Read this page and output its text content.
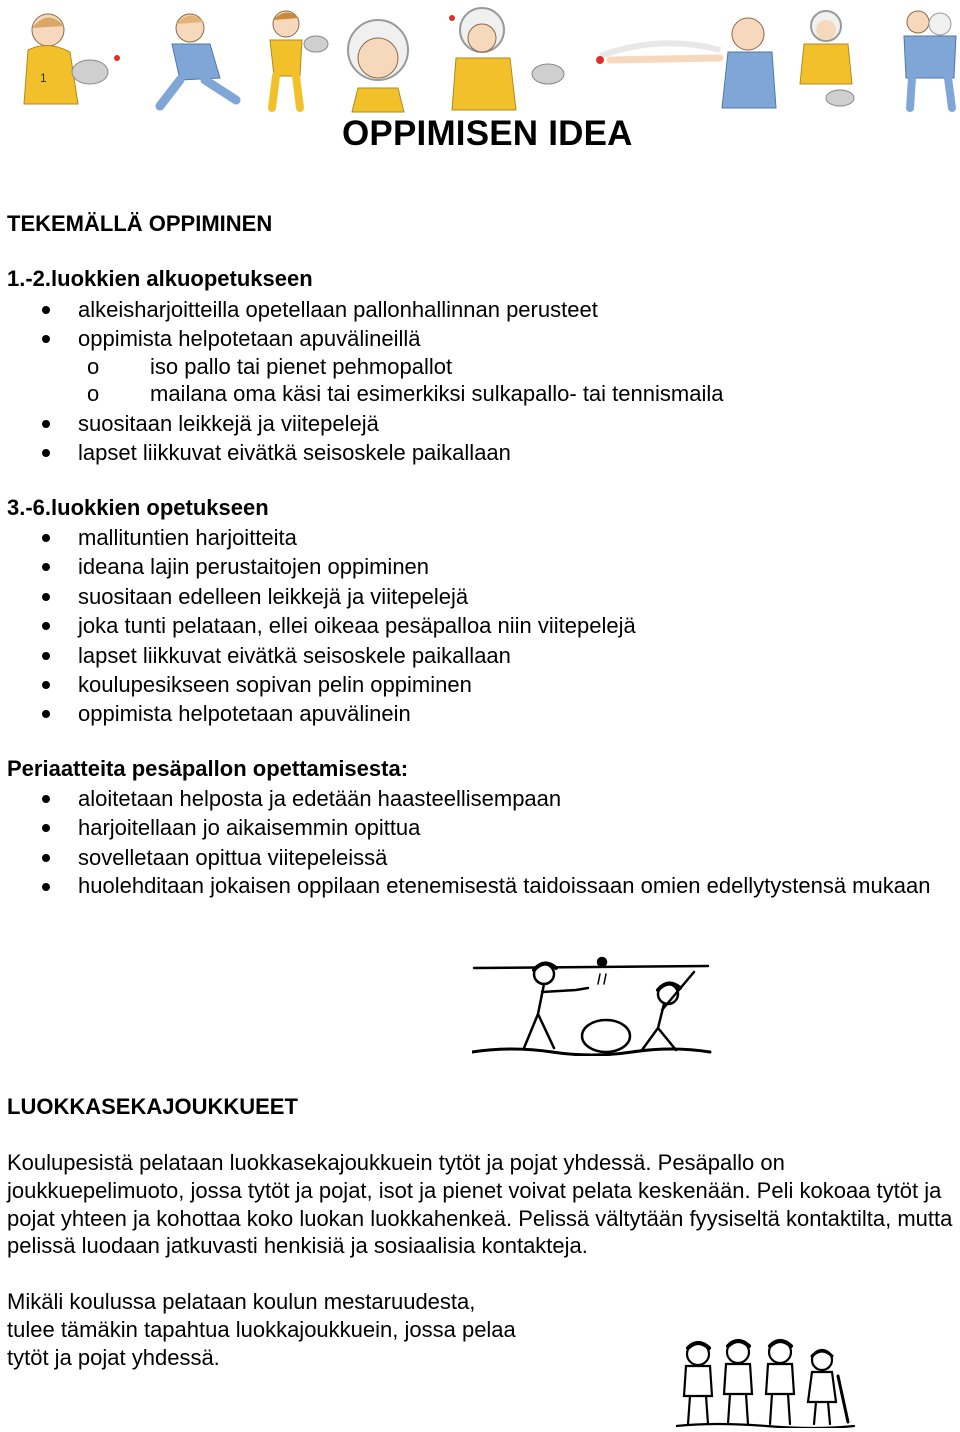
1
OPPIMISEN IDEA
TEKEMÄLLÄ OPPIMINEN
1.-2.luokkien alkuopetukseen
alkeisharjoitteilla opetellaan pallonhallinnan perusteet
oppimista helpotetaan apuvälineillä
o iso pallo tai pienet pehmopallot
o mailana oma käsi tai esimerkiksi sulkapallo- tai tennismaila
suositaan leikkejä ja viitepelejä
lapset liikkuvat eivätkä seisoskele paikallaan
3.-6.luokkien opetukseen
mallituntien harjoitteita
ideana lajin perustaitojen oppiminen
suositaan edelleen leikkejä ja viitepelejä
joka tunti pelataan, ellei oikeaa pesäpalloa niin viitepelejä
lapset liikkuvat eivätkä seisoskele paikallaan
koulupesikseen sopivan pelin oppiminen
oppimista helpotetaan apuvälinein
Periaatteita pesäpallon opettamisesta:
aloitetaan helposta ja edetään haasteellisempaan
harjoitellaan jo aikaisemmin opittua
sovelletaan opittua viitepeleissä
huolehditaan jokaisen oppilaan etenemisestä taidoissaan omien edellytystensä mukaan
LUOKKASEKAJOUKKUEET

Koulupesistä pelataan luokkasekajoukkuein tytöt ja pojat yhdessä. Pesäpallo on joukkuepelimuoto, jossa tytöt ja pojat, isot ja pienet voivat pelata keskenään. Peli kokoaa tytöt ja pojat yhteen ja kohottaa koko luokan luokkahenkeä. Pelissä vältytään fyysiseltä kontaktilta, mutta pelissä luodaan jatkuvasti henkisiä ja sosiaalisia kontakteja.

Mikäli koulussa pelataan koulun mestaruudesta,
tulee tämäkin tapahtua luokkajoukkuein, jossa pelaa
tytöt ja pojat yhdessä.
